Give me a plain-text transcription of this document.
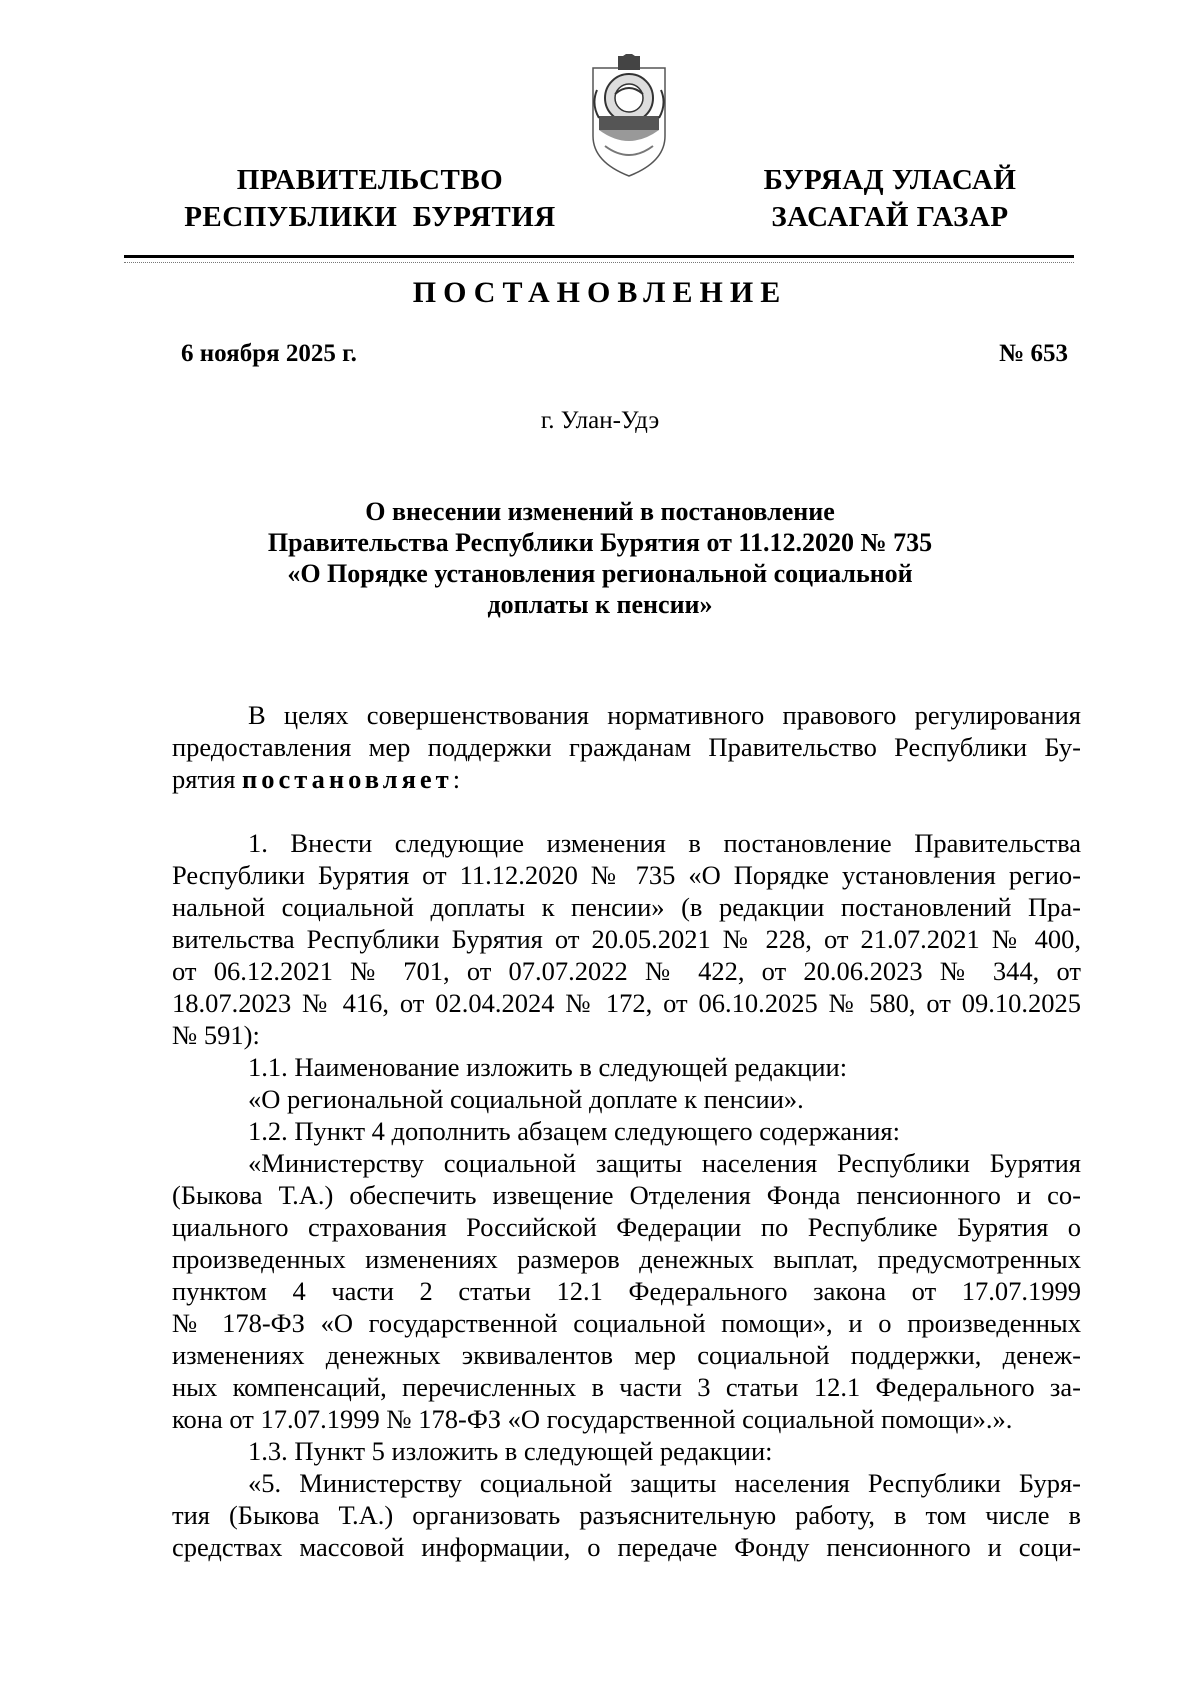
ПРАВИТЕЛЬСТВО
РЕСПУБЛИКИ  БУРЯТИЯ
БУРЯАД УЛАСАЙ
ЗАСАГАЙ ГАЗАР
ПОСТАНОВЛЕНИЕ
6 ноября 2025 г.	№ 653
г. Улан-Удэ
О внесении изменений в постановление
Правительства Республики Бурятия от 11.12.2020 № 735
«О Порядке установления региональной социальной
доплаты к пенсии»
В целях совершенствования нормативного правового регулирования
предоставления мер поддержки гражданам Правительство Республики Бу-
рятия постановляет:
1. Внести следующие изменения в постановление Правительства
Республики Бурятия от 11.12.2020 № 735 «О Порядке установления регио-
нальной социальной доплаты к пенсии» (в редакции постановлений Пра-
вительства Республики Бурятия от 20.05.2021 № 228, от 21.07.2021 № 400,
от 06.12.2021 № 701, от 07.07.2022 № 422, от 20.06.2023 № 344, от
18.07.2023 № 416, от 02.04.2024 № 172, от 06.10.2025 № 580, от 09.10.2025
№ 591):
1.1. Наименование изложить в следующей редакции:
«О региональной социальной доплате к пенсии».
1.2. Пункт 4 дополнить абзацем следующего содержания:
«Министерству социальной защиты населения Республики Бурятия
(Быкова Т.А.) обеспечить извещение Отделения Фонда пенсионного и со-
циального страхования Российской Федерации по Республике Бурятия о
произведенных изменениях размеров денежных выплат, предусмотренных
пунктом 4 части 2 статьи 12.1 Федерального закона от 17.07.1999
№ 178-ФЗ «О государственной социальной помощи», и о произведенных
изменениях денежных эквивалентов мер социальной поддержки, денеж-
ных компенсаций, перечисленных в части 3 статьи 12.1 Федерального за-
кона от 17.07.1999 № 178-ФЗ «О государственной социальной помощи».».
1.3. Пункт 5 изложить в следующей редакции:
«5. Министерству социальной защиты населения Республики Буря-
тия (Быкова Т.А.) организовать разъяснительную работу, в том числе в
средствах массовой информации, о передаче Фонду пенсионного и соци-
